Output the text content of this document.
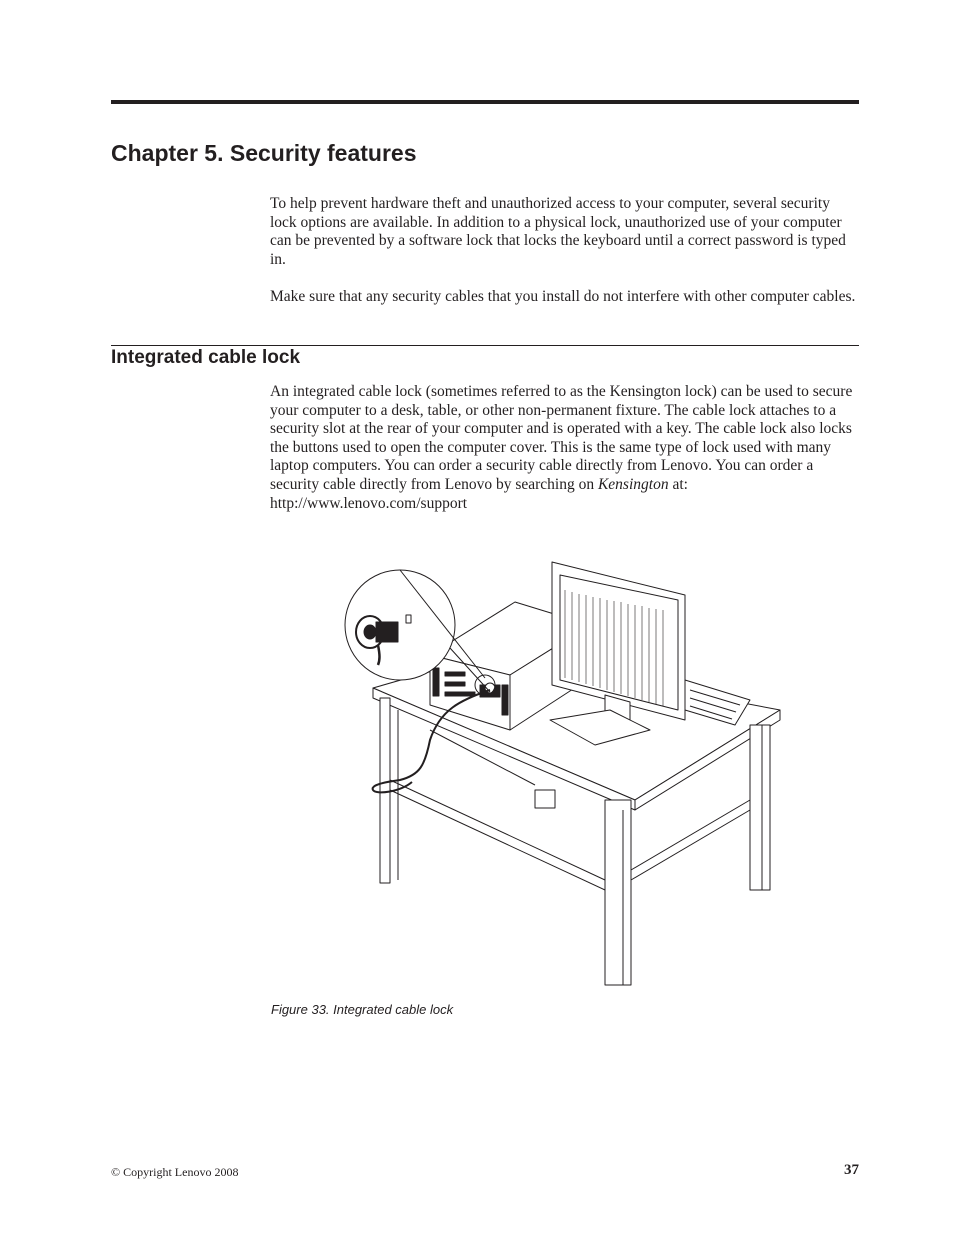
Chapter 5. Security features

To help prevent hardware theft and unauthorized access to your computer, several security lock options are available. In addition to a physical lock, unauthorized use of your computer can be prevented by a software lock that locks the keyboard until a correct password is typed in.

Make sure that any security cables that you install do not interfere with other computer cables.

Integrated cable lock

An integrated cable lock (sometimes referred to as the Kensington lock) can be used to secure your computer to a desk, table, or other non-permanent fixture. The cable lock attaches to a security slot at the rear of your computer and is operated with a key. The cable lock also locks the buttons used to open the computer cover. This is the same type of lock used with many laptop computers. You can order a security cable directly from Lenovo. You can order a security cable directly from Lenovo by searching on Kensington at:
http://www.lenovo.com/support

Figure 33. Integrated cable lock

© Copyright Lenovo 2008	37
